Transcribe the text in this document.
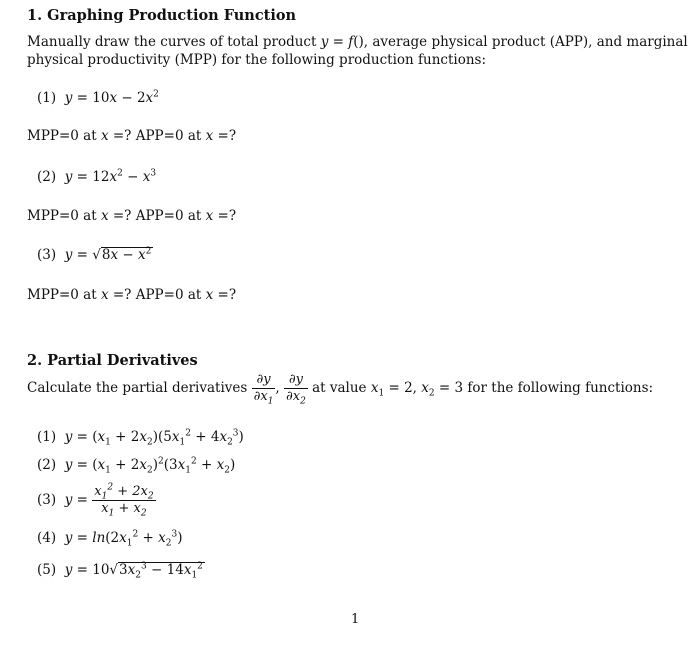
1. Graphing Production Function
Manually draw the curves of total product y = f(), average physical product (APP), and marginal physical productivity (MPP) for the following production functions:
(1)  $y = 10x - 2x^2$
MPP=0 at x =? APP=0 at x =?
(2)  $y = 12x^2 - x^3$
MPP=0 at x =? APP=0 at x =?
(3)  $y = √8x - x^2$
MPP=0 at x =? APP=0 at x =?
2. Partial Derivatives
Calculate the partial derivatives $\frac{\partial y}{\partial x_1}$ , $\frac{\partial y}{\partial x_2}$ at value $x_1 = 2$, $x_2 = 3$ for the following functions:
(1)  $y = (x_1 + 2x_2)(5x_1^2 + 4x_2^3)$
(2)  $y = (x_1 + 2x_2)^2(3x_1^2 + x_2)$
(3)  $y = \frac{x_1^2 + 2x_2}{x_1 + x_2}$
(4)  $y = \ln(2x_1^2 + x_2^3)$
(5)  $y = 10√3x_2^3 - 14x_1^2$
1
